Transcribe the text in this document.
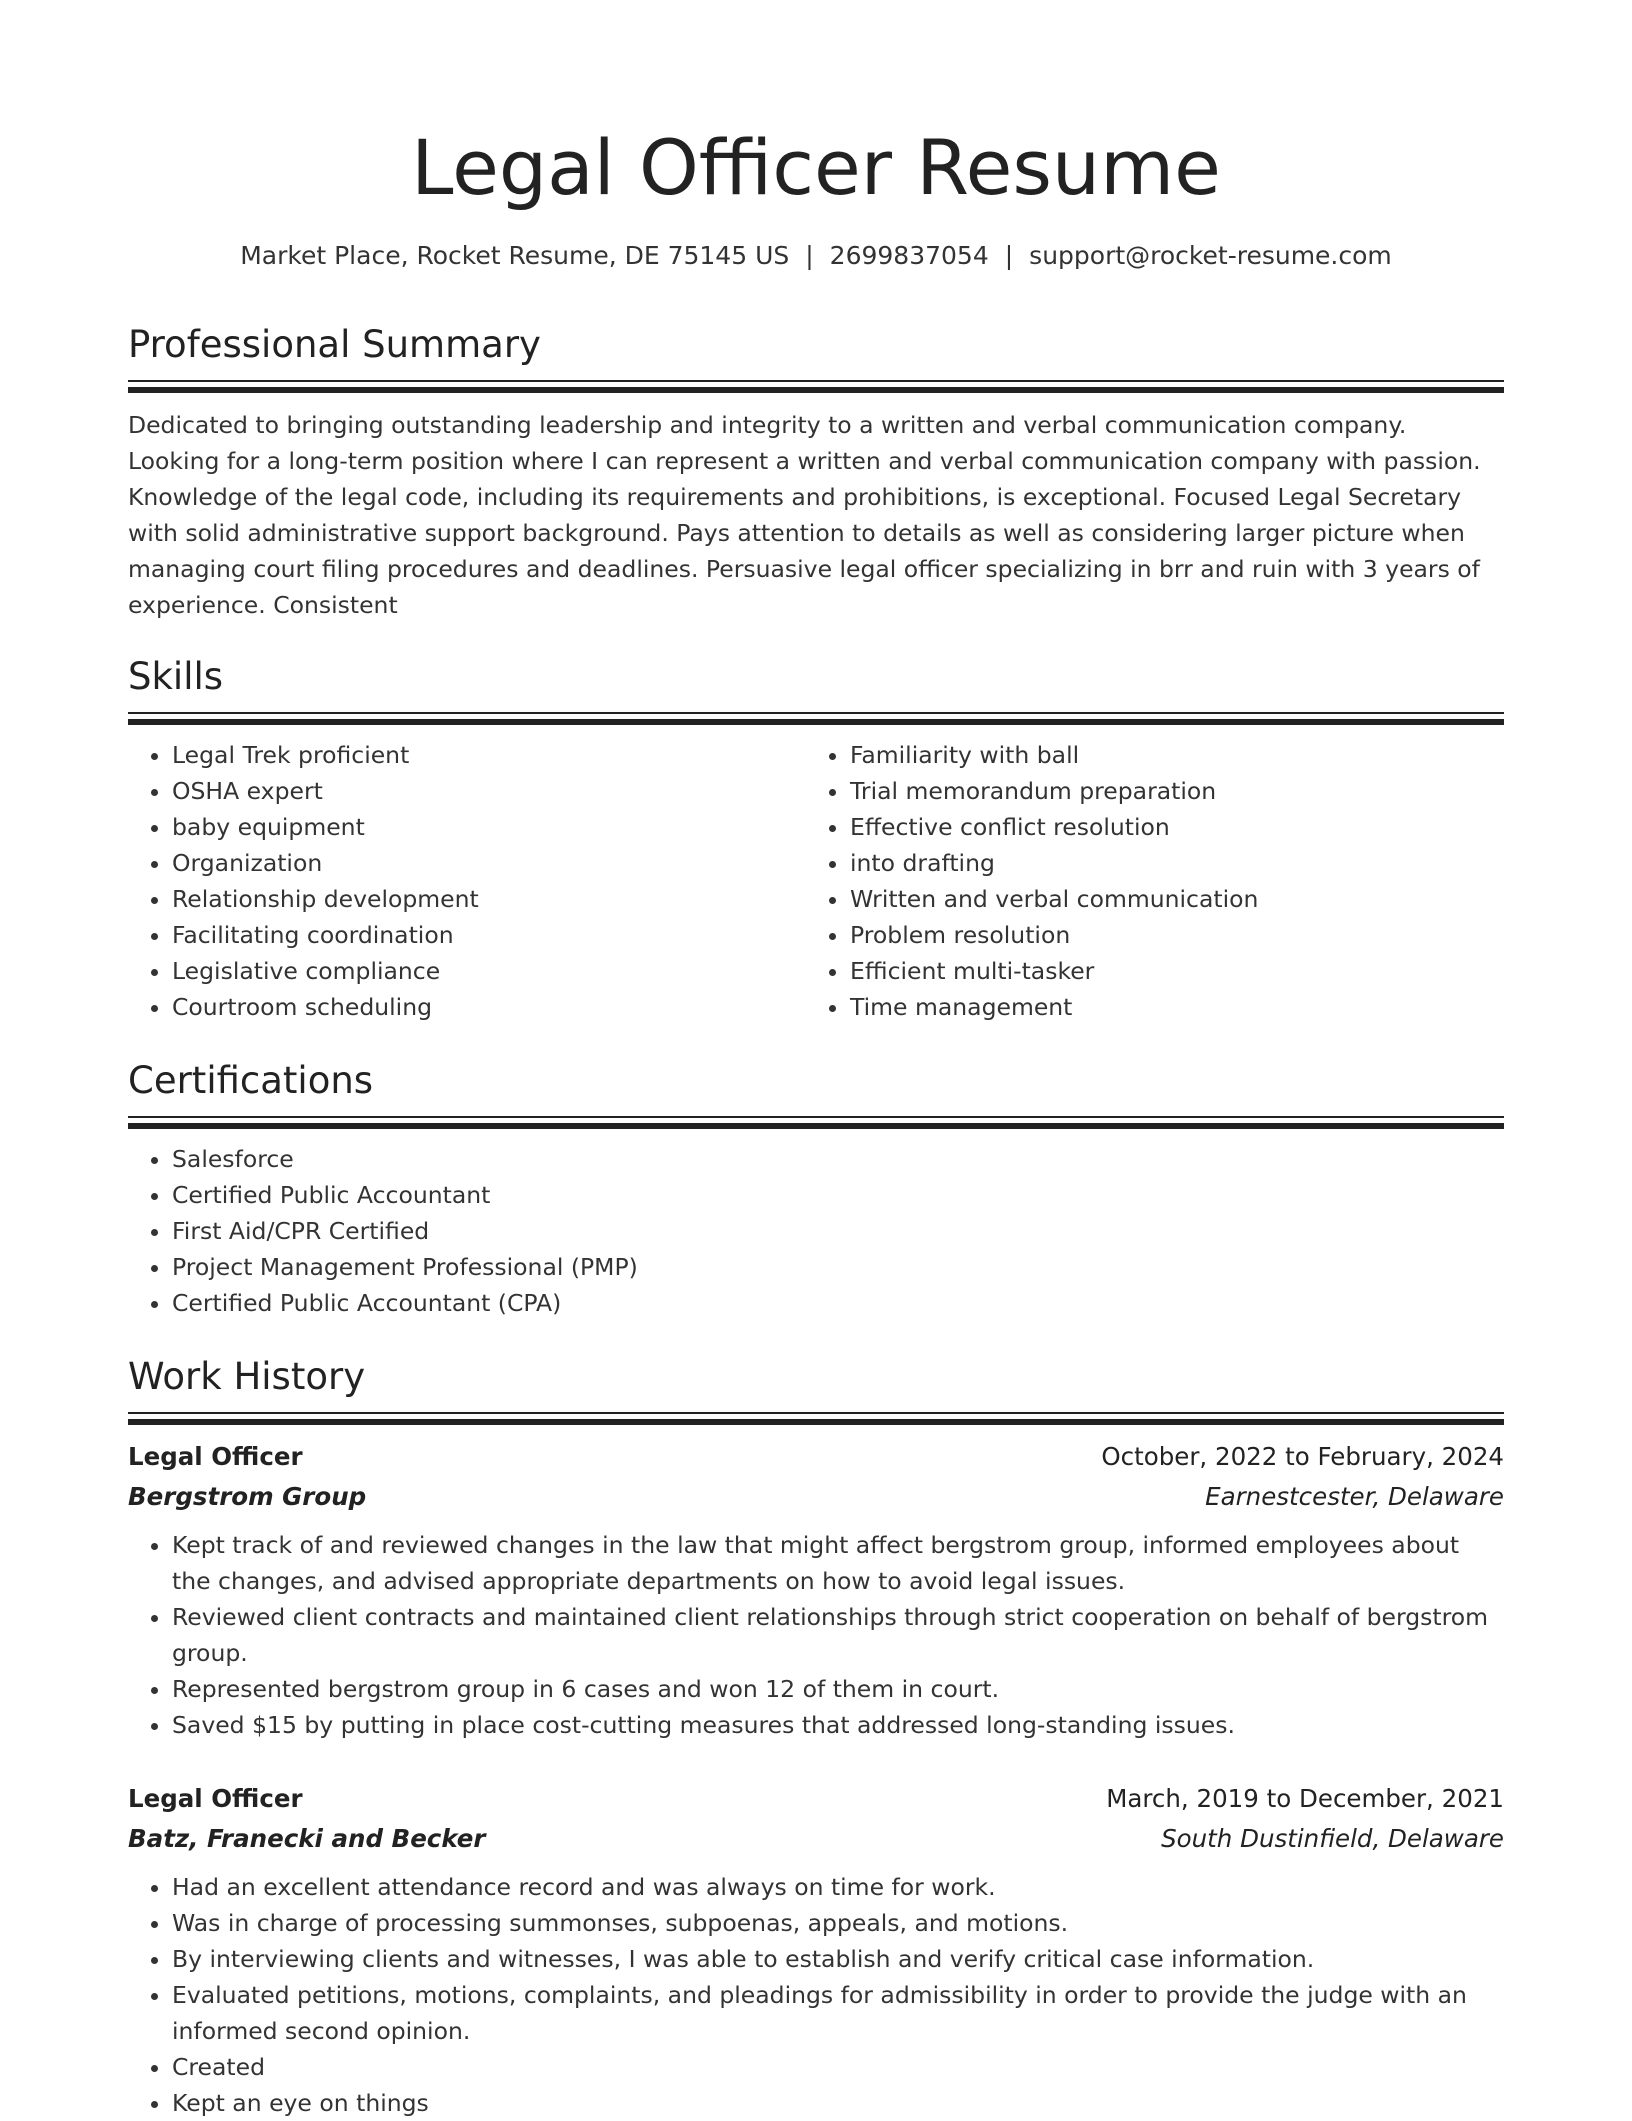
Legal Officer Resume
Market Place, Rocket Resume, DE 75145 US | 2699837054 | support@rocket-resume.com
Professional Summary

Dedicated to bringing outstanding leadership and integrity to a written and verbal communication company. Looking for a long-term position where I can represent a written and verbal communication company with passion. Knowledge of the legal code, including its requirements and prohibitions, is exceptional. Focused Legal Secretary with solid administrative support background. Pays attention to details as well as considering larger picture when managing court filing procedures and deadlines. Persuasive legal officer specializing in brr and ruin with 3 years of experience. Consistent

Skills
• Legal Trek proficient
• OSHA expert
• baby equipment
• Organization
• Relationship development
• Facilitating coordination
• Legislative compliance
• Courtroom scheduling
• Familiarity with ball
• Trial memorandum preparation
• Effective conflict resolution
• into drafting
• Written and verbal communication
• Problem resolution
• Efficient multi-tasker
• Time management
Certifications
• Salesforce
• Certified Public Accountant
• First Aid/CPR Certified
• Project Management Professional (PMP)
• Certified Public Accountant (CPA)
Work History
Legal Officer	October, 2022 to February, 2024
Bergstrom Group	Earnestcester, Delaware
• Kept track of and reviewed changes in the law that might affect bergstrom group, informed employees about the changes, and advised appropriate departments on how to avoid legal issues.
• Reviewed client contracts and maintained client relationships through strict cooperation on behalf of bergstrom group.
• Represented bergstrom group in 6 cases and won 12 of them in court.
• Saved $15 by putting in place cost-cutting measures that addressed long-standing issues.
Legal Officer	March, 2019 to December, 2021
Batz, Franecki and Becker	South Dustinfield, Delaware
• Had an excellent attendance record and was always on time for work.
• Was in charge of processing summonses, subpoenas, appeals, and motions.
• By interviewing clients and witnesses, I was able to establish and verify critical case information.
• Evaluated petitions, motions, complaints, and pleadings for admissibility in order to provide the judge with an informed second opinion.
• Created
• Kept an eye on things
